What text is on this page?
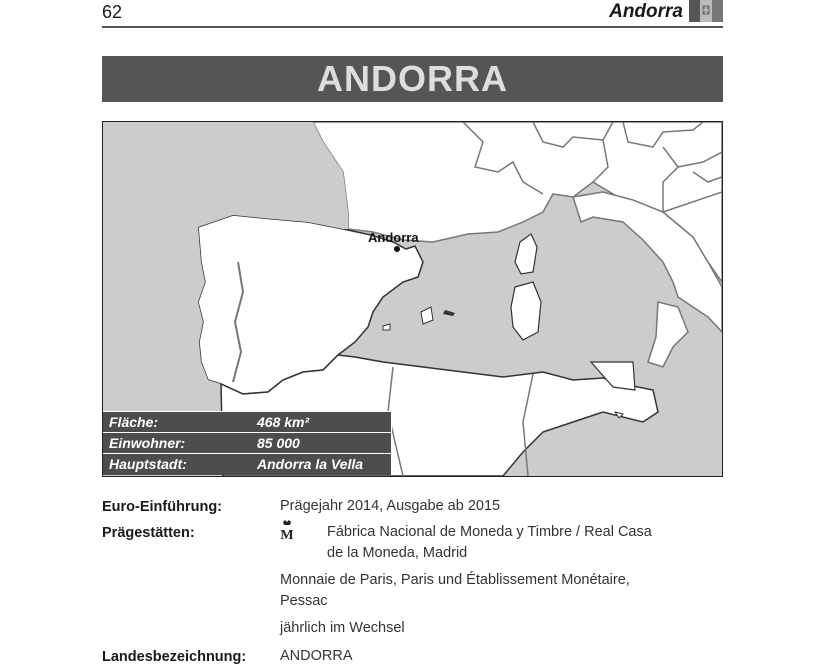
62	Andorra
ANDORRA
Andorra
Fläche:	468 km²
Einwohner:	85 000
Hauptstadt:	Andorra la Vella
Euro-Einführung:	Prägejahr 2014, Ausgabe ab 2015
Prägestätten:	M Fábrica Nacional de Moneda y Timbre / Real Casa
de la Moneda, Madrid
Monnaie de Paris, Paris und Établissement Monétaire,
Pessac
jährlich im Wechsel
Landesbezeichnung: ANDORRA
